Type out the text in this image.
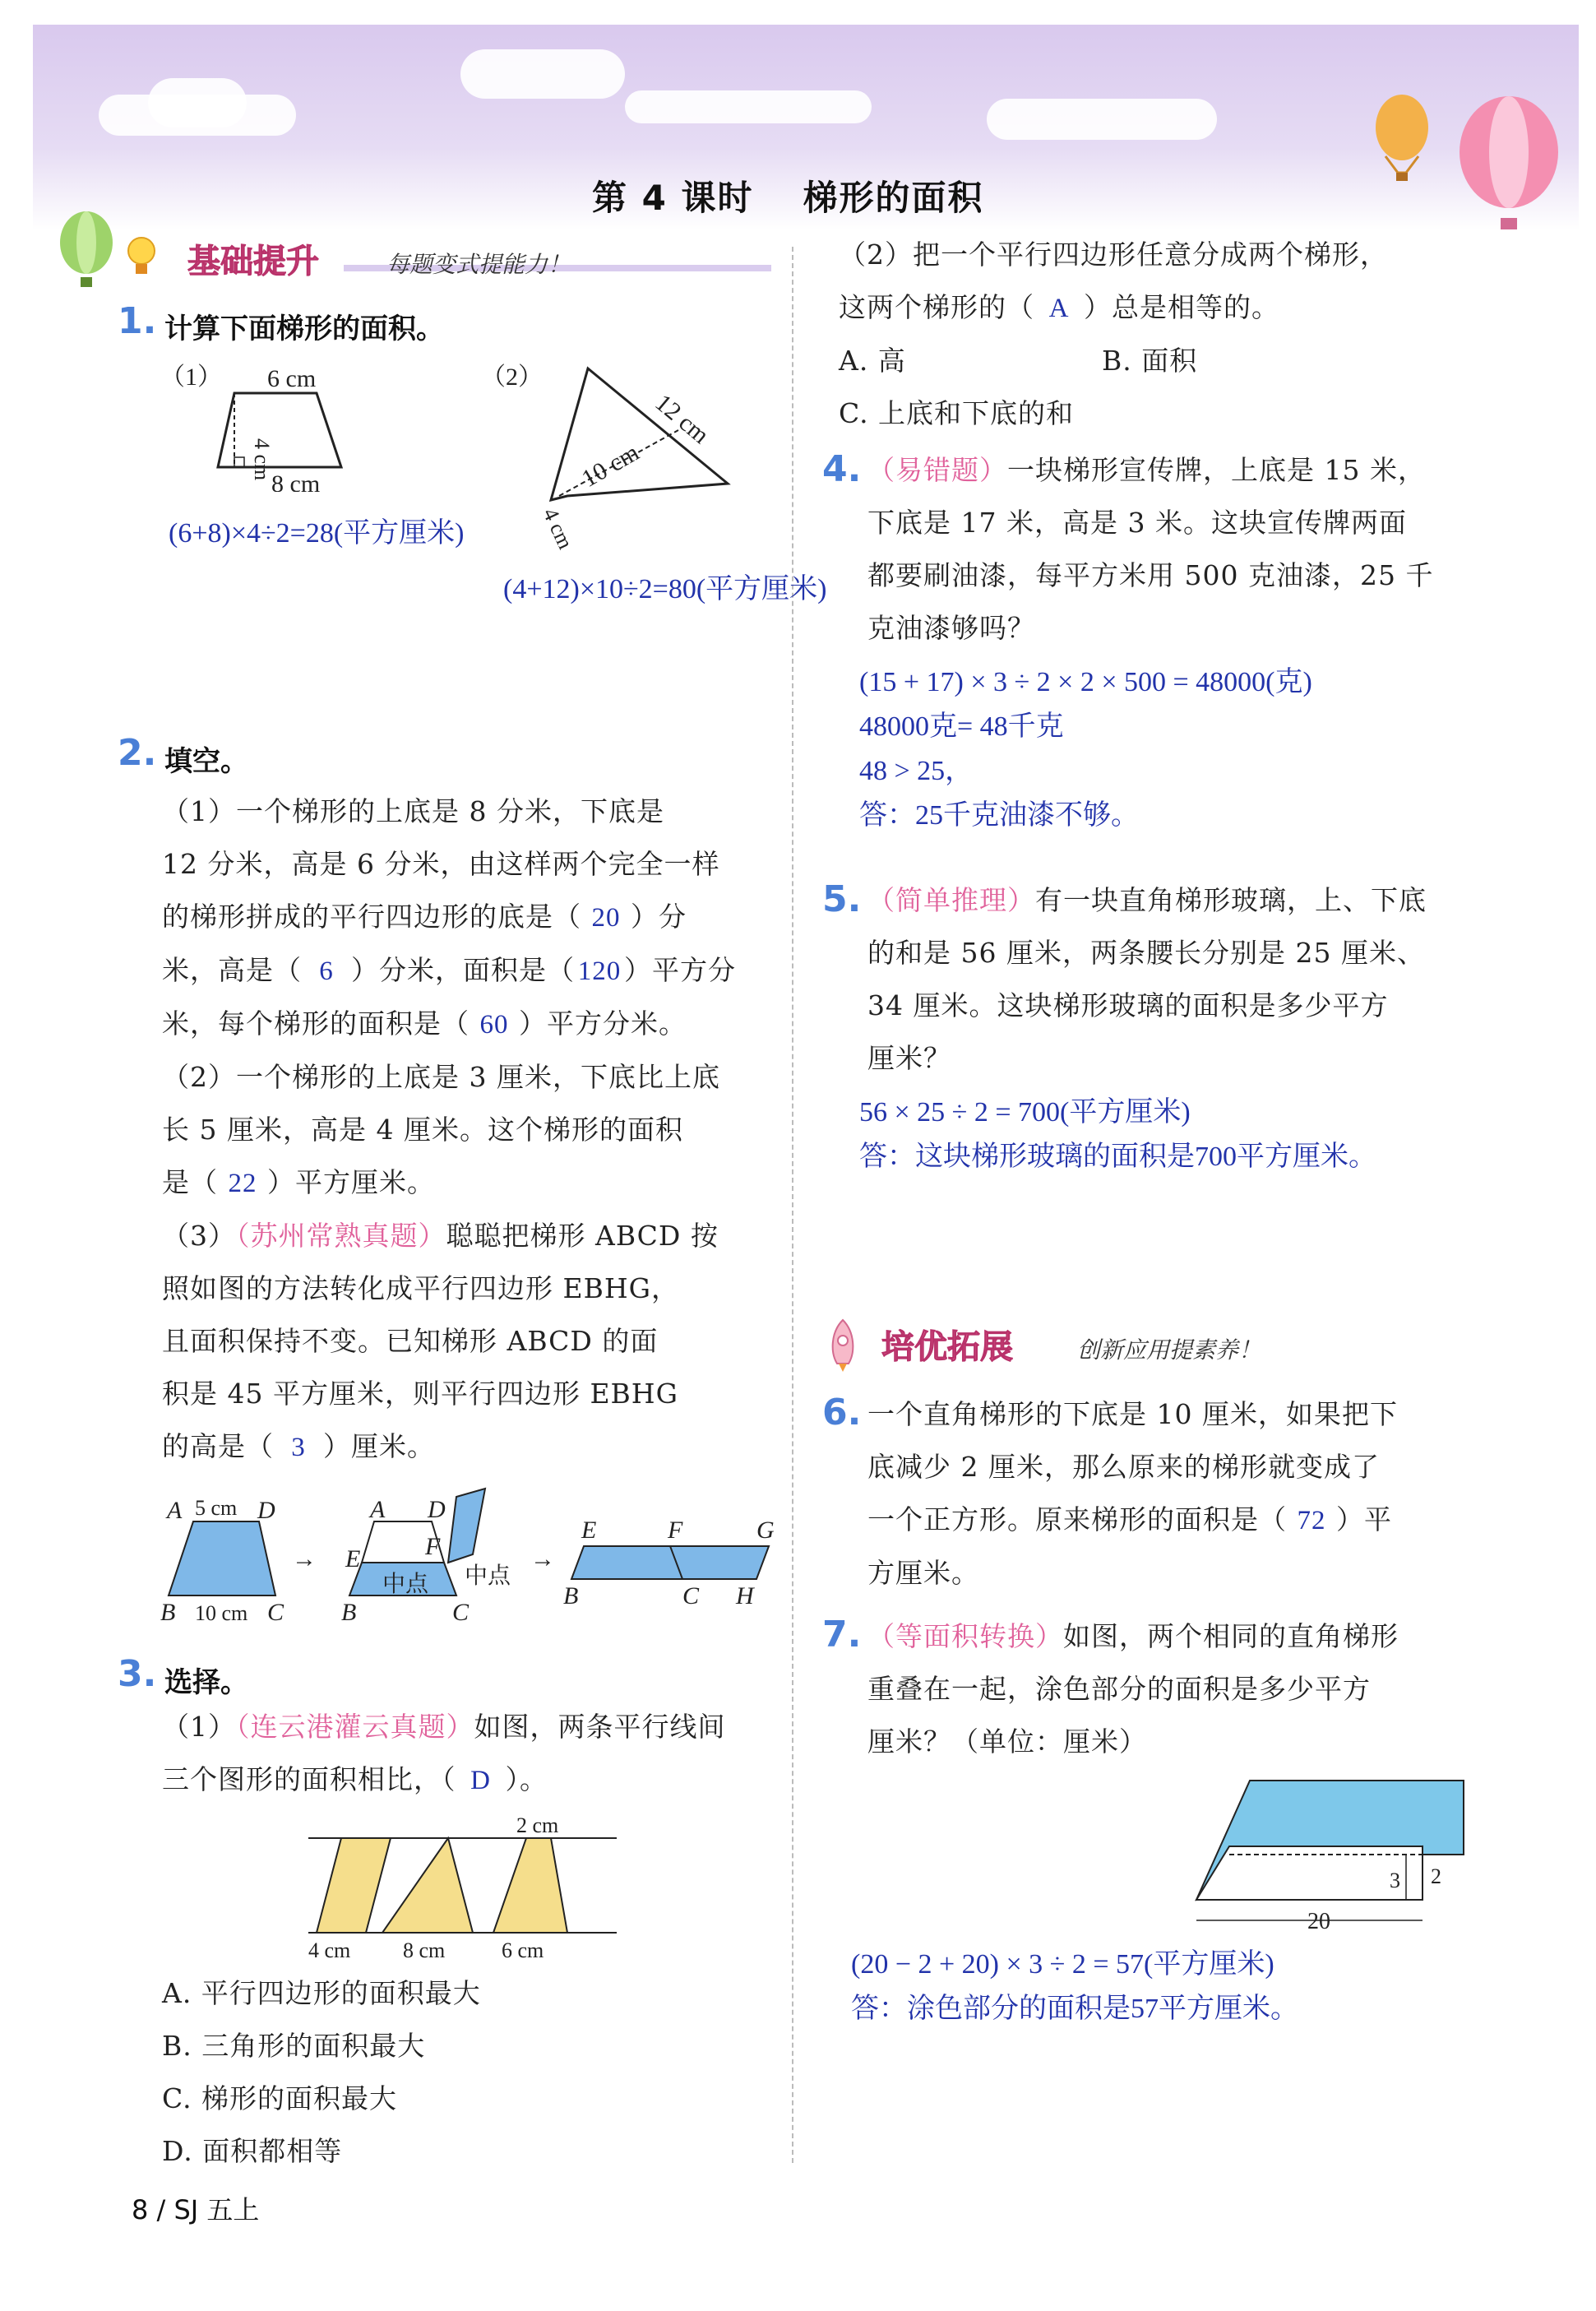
第 4 课时 梯形的面积
基础提升	每题变式提能力！
1. 计算下面梯形的面积。
（1） 6 cm
4 cm
8 cm
(6+8)×4÷2=28(平方厘米)
（2）
12 cm
10 cm
4 cm
(4+12)×10÷2=80(平方厘米)
2. 填空。
（1）一个梯形的上底是 8 分米，下底是
12 分米，高是 6 分米，由这样两个完全一样
的梯形拼成的平行四边形的底是（ 20 ）分
米，高是（ 6 ）分米，面积是（ 120 ）平方分
米，每个梯形的面积是（ 60 ）平方分米。
（2）一个梯形的上底是 3 厘米，下底比上底
长 5 厘米，高是 4 厘米。这个梯形的面积
是（ 22 ）平方厘米。
（3）（苏州常熟真题）聪聪把梯形 ABCD 按
照如图的方法转化成平行四边形 EBHG，
且面积保持不变。已知梯形 ABCD 的面
积是 45 平方厘米，则平行四边形 EBHG
的高是（ 3 ）厘米。
A 5 cm D
B 10 cm C
→
A D
E	F
中点 中点
B	C
→
E	F	G
B	C H
3. 选择。
（1）（连云港灌云真题）如图，两条平行线间
三个图形的面积相比，（ D ）。
2 cm
4 cm 8 cm	6 cm
A. 平行四边形的面积最大
B. 三角形的面积最大
C. 梯形的面积最大
D. 面积都相等
（2）把一个平行四边形任意分成两个梯形，
这两个梯形的（ A ）总是相等的。
A. 高	B. 面积
C. 上底和下底的和
4. （易错题）一块梯形宣传牌，上底是 15 米，
下底是 17 米，高是 3 米。这块宣传牌两面
都要刷油漆，每平方米用 500 克油漆，25 千
克油漆够吗？
(15 + 17) × 3 ÷ 2 × 2 × 500 = 48000(克)
48000克= 48千克
48 > 25，
答：25千克油漆不够。
5. （简单推理）有一块直角梯形玻璃，上、下底
的和是 56 厘米，两条腰长分别是 25 厘米、
34 厘米。这块梯形玻璃的面积是多少平方
厘米？
56 × 25 ÷ 2 = 700(平方厘米)
答：这块梯形玻璃的面积是700平方厘米。
培优拓展	创新应用提素养！
6. 一个直角梯形的下底是 10 厘米，如果把下
底减少 2 厘米，那么原来的梯形就变成了
一个正方形。原来梯形的面积是（ 72 ）平
方厘米。
7. （等面积转换）如图，两个相同的直角梯形
重叠在一起，涂色部分的面积是多少平方
厘米？（单位：厘米）
3 2
20
(20 − 2 + 20) × 3 ÷ 2 = 57(平方厘米)
答：涂色部分的面积是57平方厘米。
8 / SJ 五上
